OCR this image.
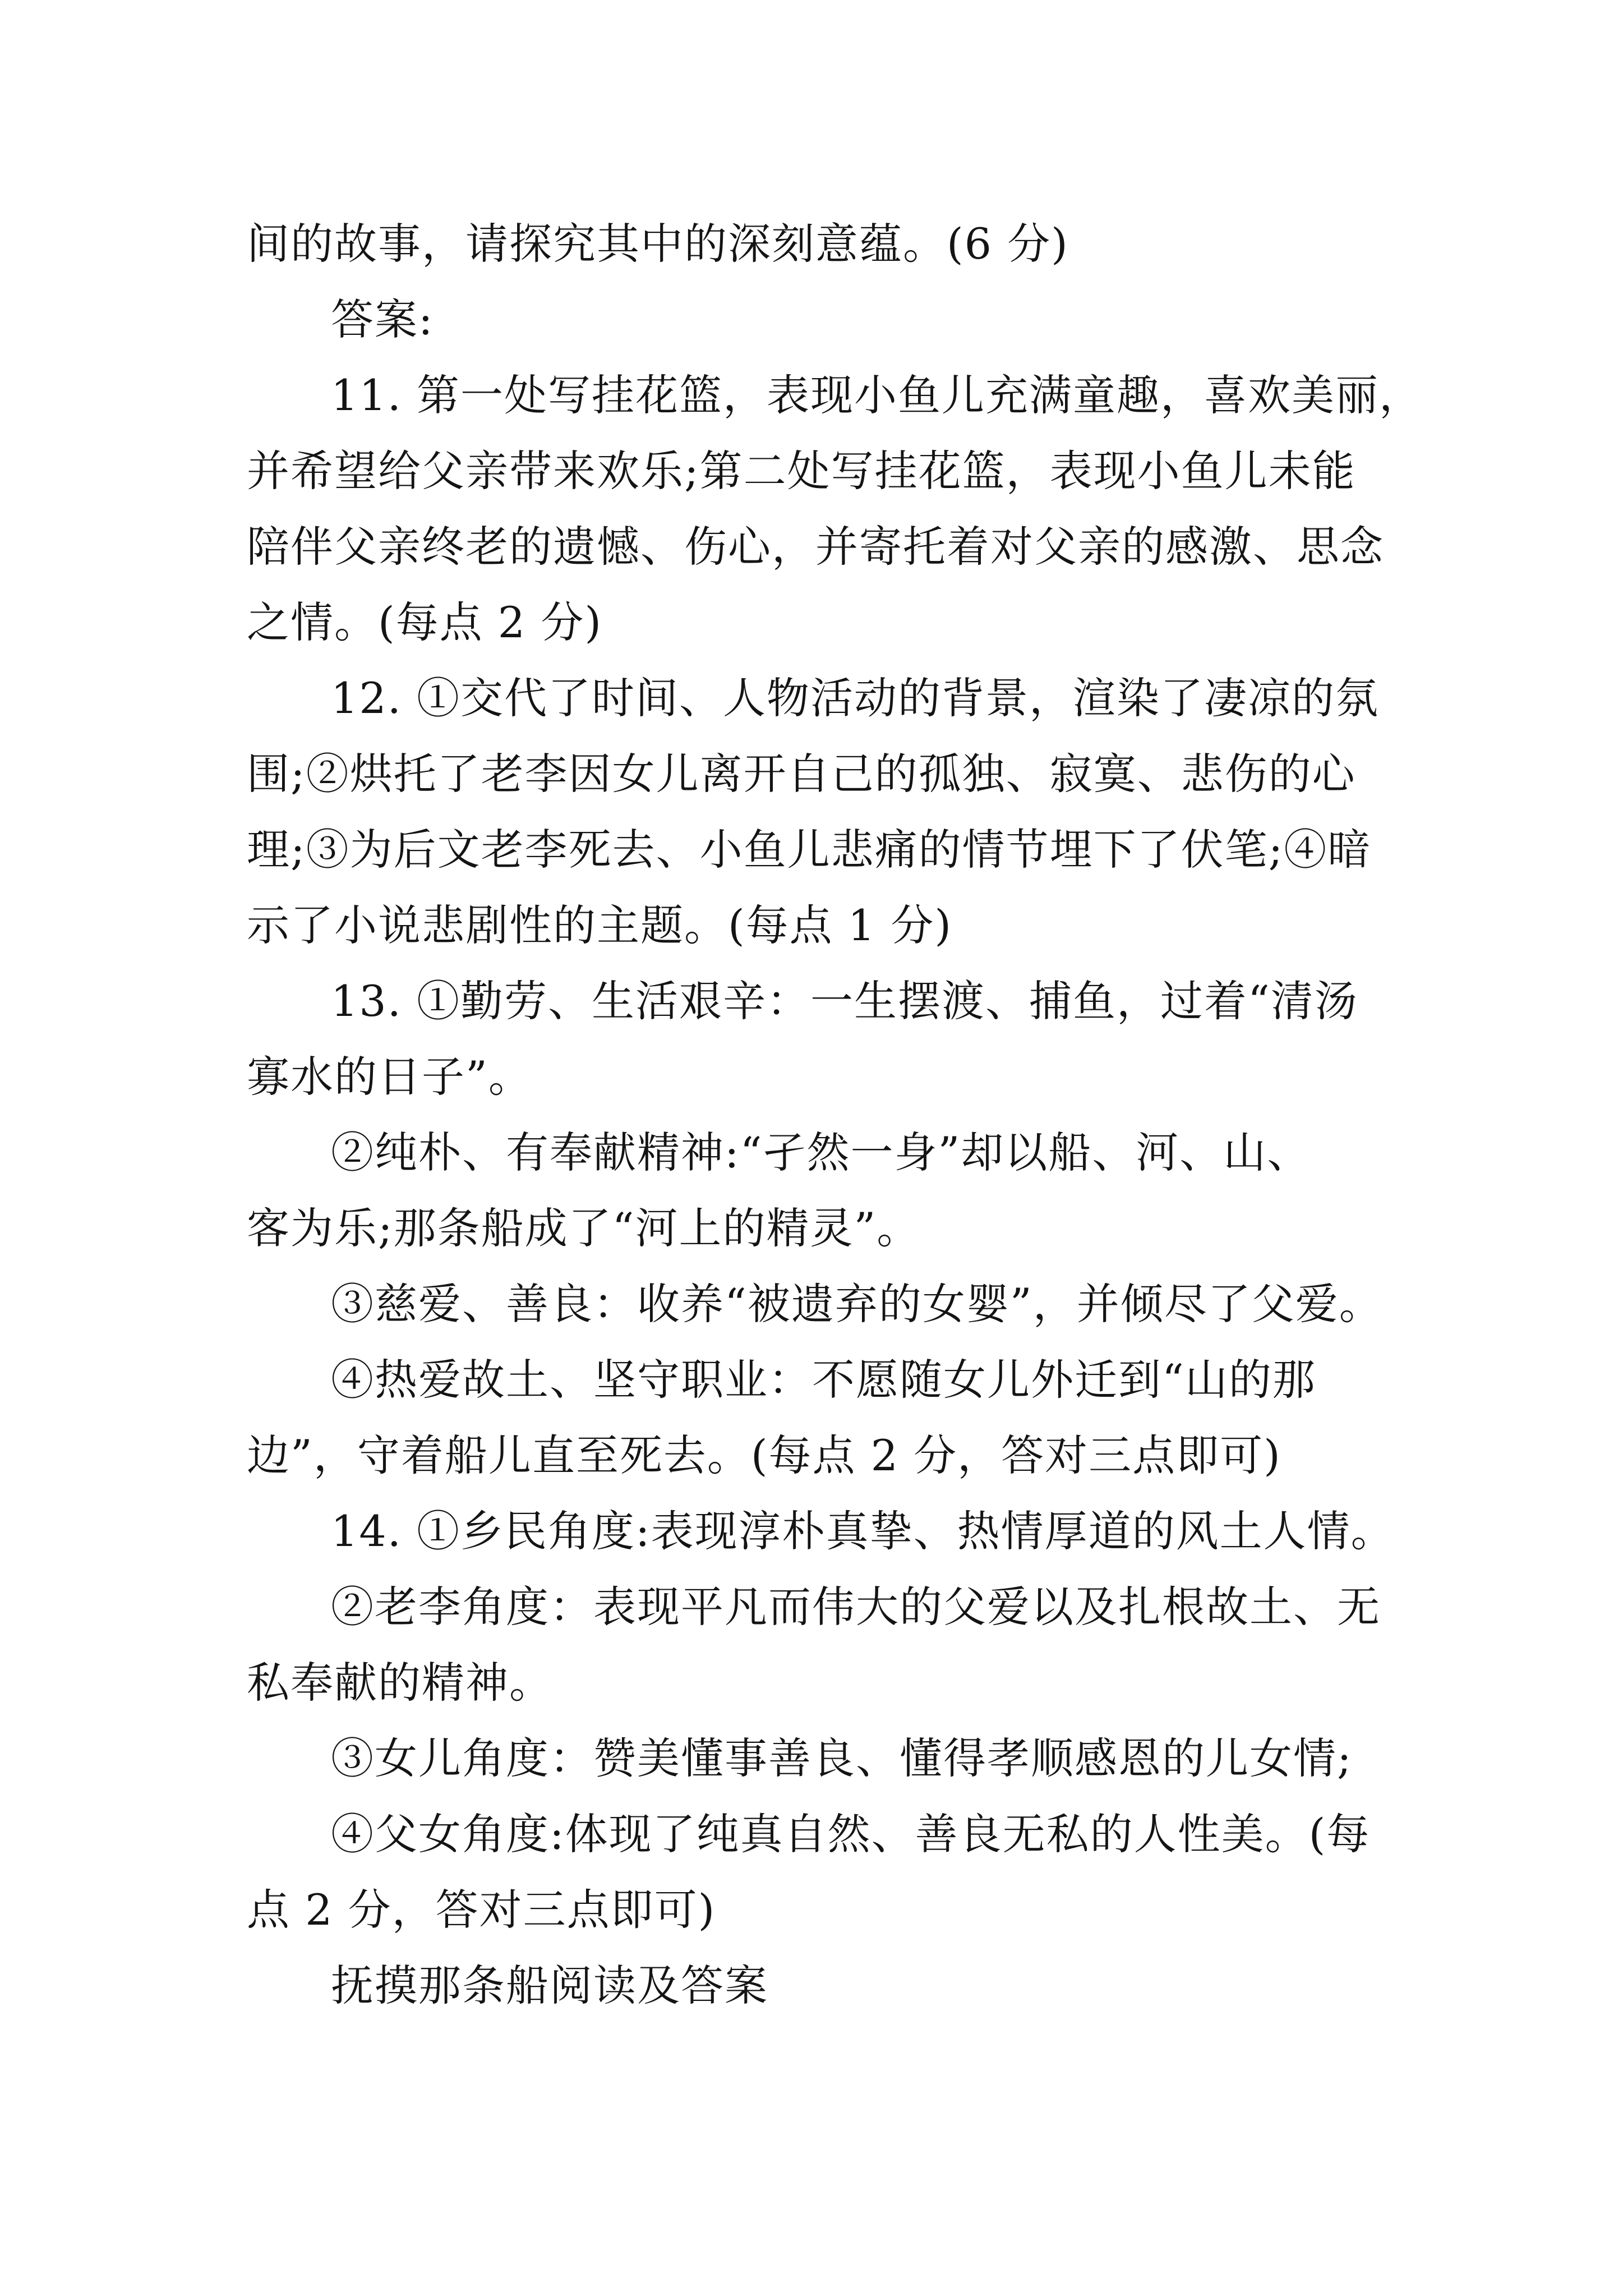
间的故事，请探究其中的深刻意蕴。(6 分)
答案:
11. 第一处写挂花篮，表现小鱼儿充满童趣，喜欢美丽，
并希望给父亲带来欢乐;第二处写挂花篮，表现小鱼儿未能
陪伴父亲终老的遗憾、伤心，并寄托着对父亲的感激、思念
之情。(每点 2 分)
12. ①交代了时间、人物活动的背景，渲染了凄凉的氛
围;②烘托了老李因女儿离开自己的孤独、寂寞、悲伤的心
理;③为后文老李死去、小鱼儿悲痛的情节埋下了伏笔;④暗
示了小说悲剧性的主题。(每点 1 分)
13. ①勤劳、生活艰辛：一生摆渡、捕鱼，过着“清汤
寡水的日子”。
②纯朴、有奉献精神:“孑然一身”却以船、河、山、
客为乐;那条船成了“河上的精灵”。
③慈爱、善良：收养“被遗弃的女婴”，并倾尽了父爱。
④热爱故土、坚守职业：不愿随女儿外迁到“山的那
边”，守着船儿直至死去。(每点 2 分，答对三点即可)
14. ①乡民角度:表现淳朴真挚、热情厚道的风土人情。
②老李角度：表现平凡而伟大的父爱以及扎根故土、无
私奉献的精神。
③女儿角度：赞美懂事善良、懂得孝顺感恩的儿女情;
④父女角度:体现了纯真自然、善良无私的人性美。(每
点 2 分，答对三点即可)
抚摸那条船阅读及答案
